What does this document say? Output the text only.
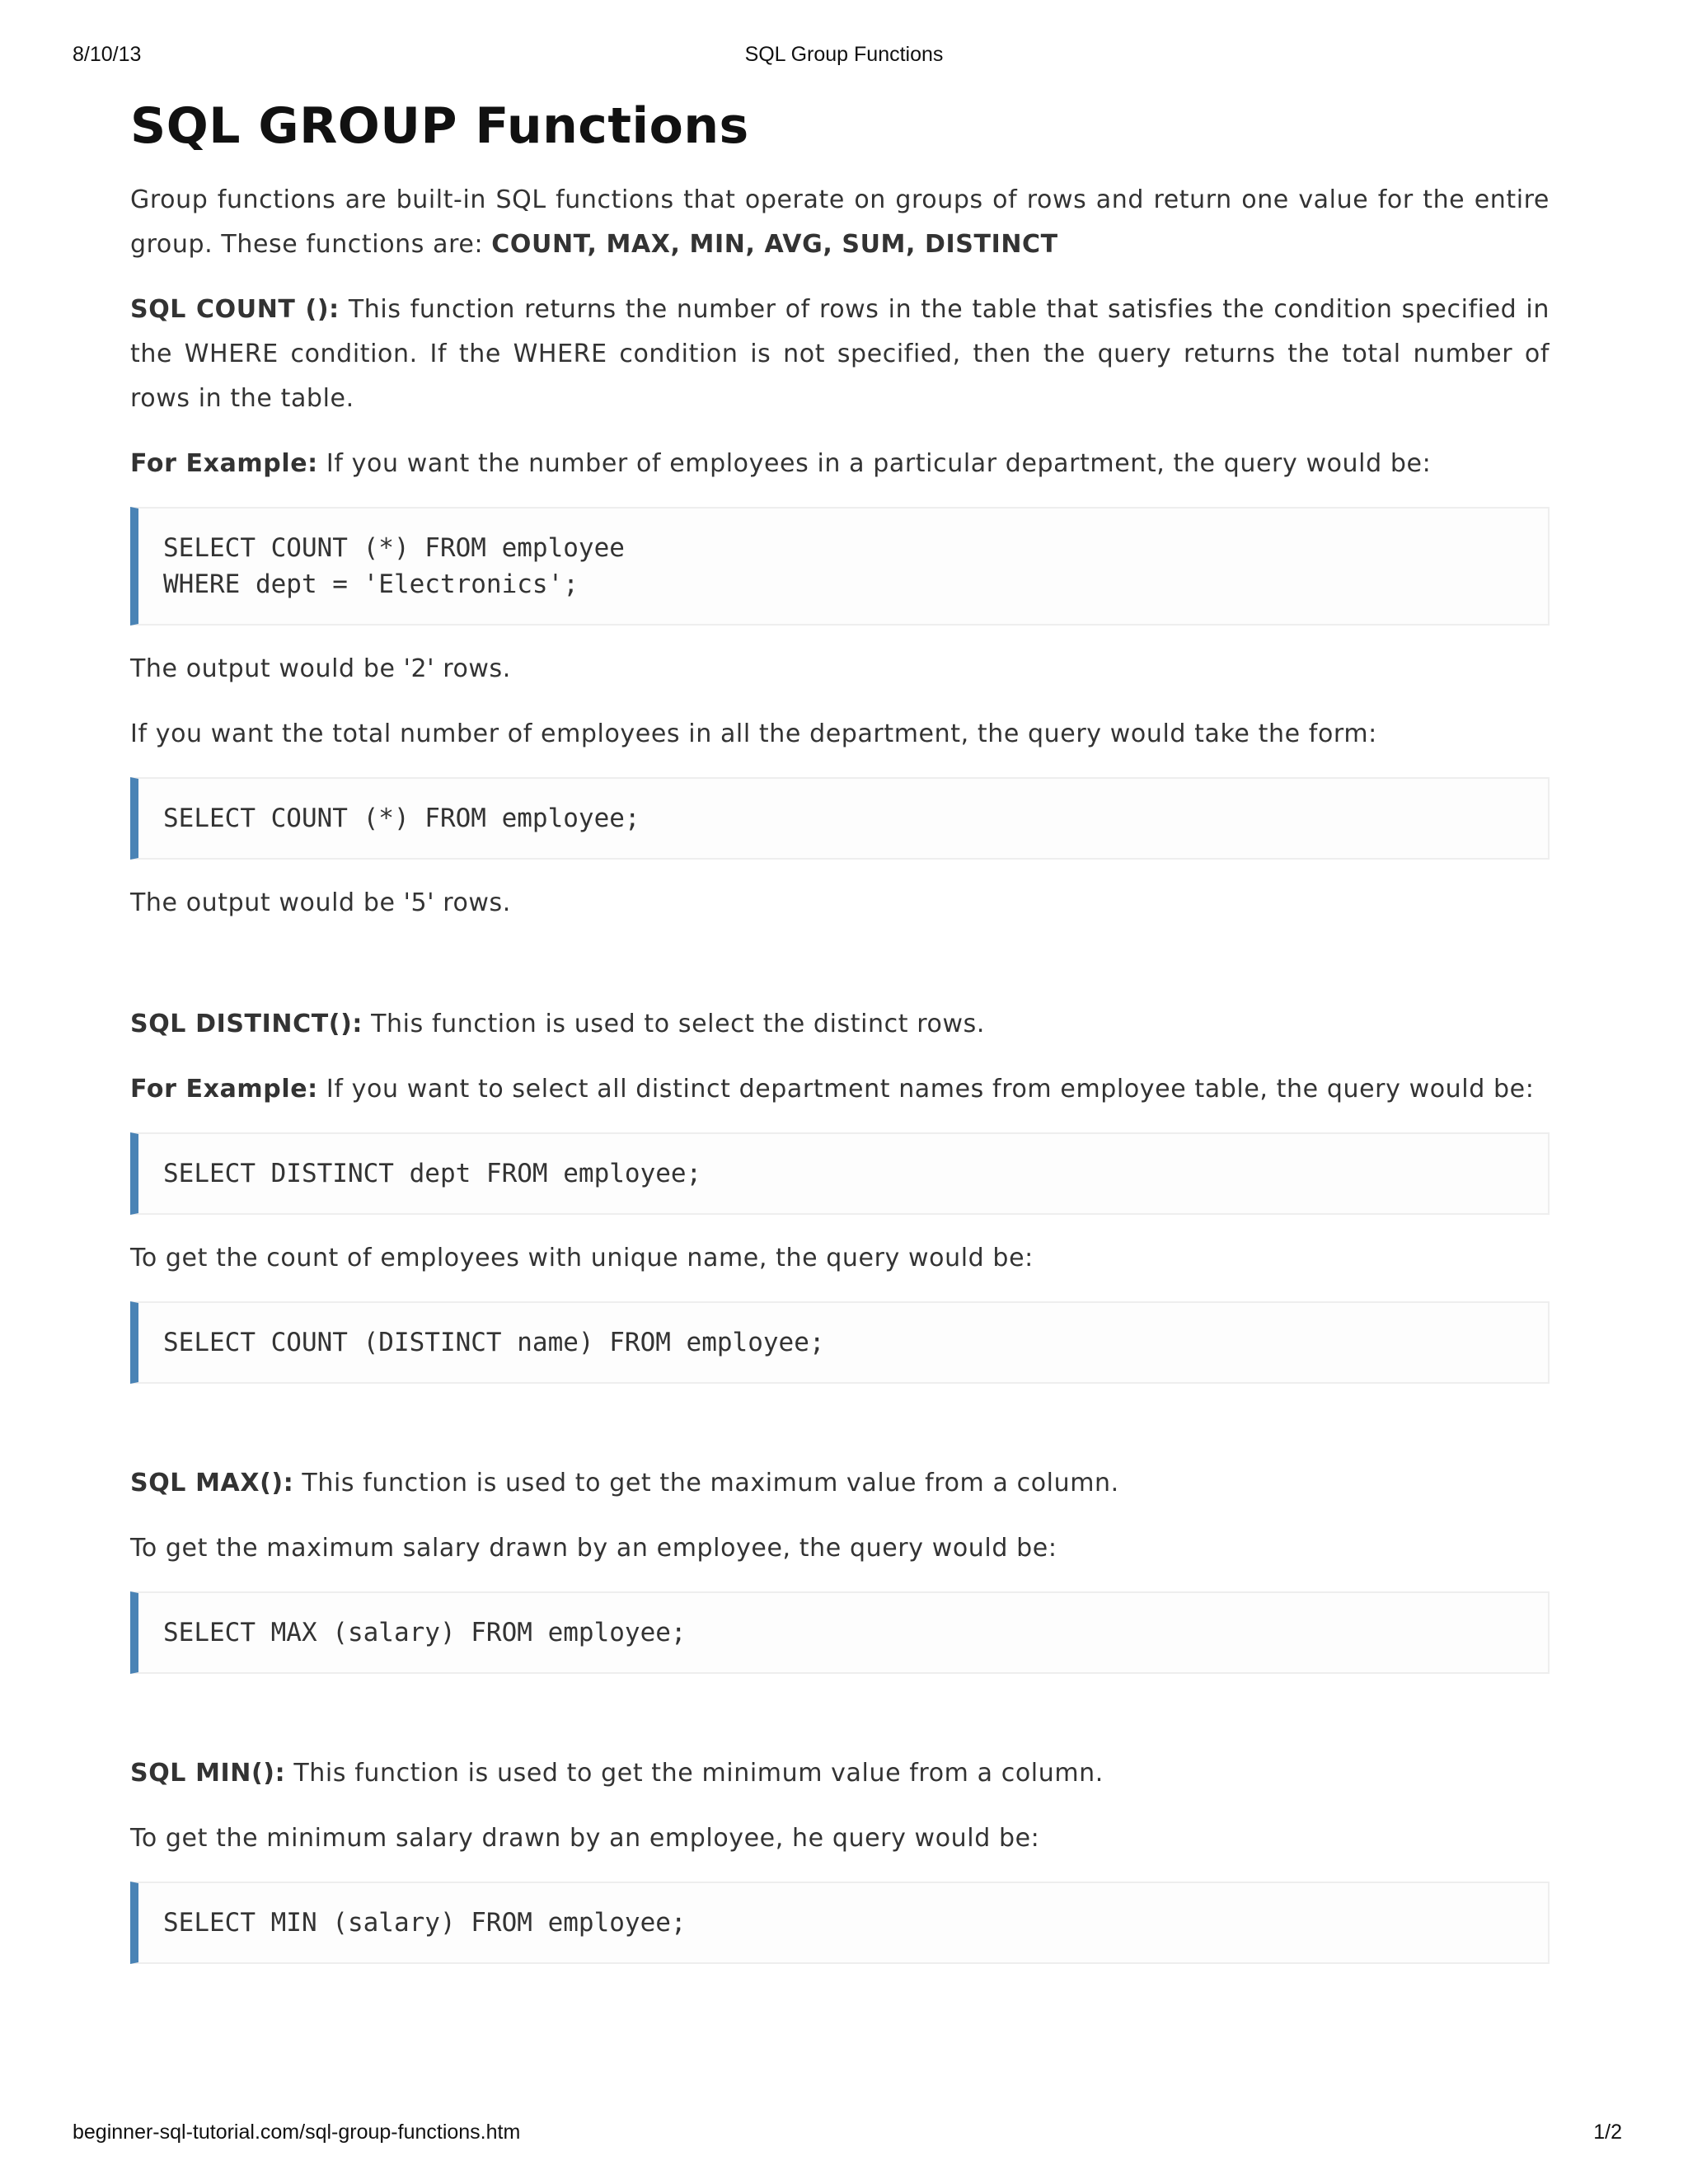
8/10/13	SQL Group Functions
SQL GROUP Functions

Group functions are built-in SQL functions that operate on groups of rows and return one value for the entire group. These functions are: COUNT, MAX, MIN, AVG, SUM, DISTINCT

SQL COUNT (): This function returns the number of rows in the table that satisfies the condition specified in the WHERE condition. If the WHERE condition is not specified, then the query returns the total number of rows in the table.

For Example: If you want the number of employees in a particular department, the query would be:

SELECT COUNT (*) FROM employee
WHERE dept = 'Electronics';

The output would be '2' rows.

If you want the total number of employees in all the department, the query would take the form:

SELECT COUNT (*) FROM employee;

The output would be '5' rows.

SQL DISTINCT(): This function is used to select the distinct rows.

For Example: If you want to select all distinct department names from employee table, the query would be:

SELECT DISTINCT dept FROM employee;

To get the count of employees with unique name, the query would be:

SELECT COUNT (DISTINCT name) FROM employee;

SQL MAX(): This function is used to get the maximum value from a column.

To get the maximum salary drawn by an employee, the query would be:

SELECT MAX (salary) FROM employee;

SQL MIN(): This function is used to get the minimum value from a column.

To get the minimum salary drawn by an employee, he query would be:

SELECT MIN (salary) FROM employee;
beginner-sql-tutorial.com/sql-group-functions.htm	1/2
